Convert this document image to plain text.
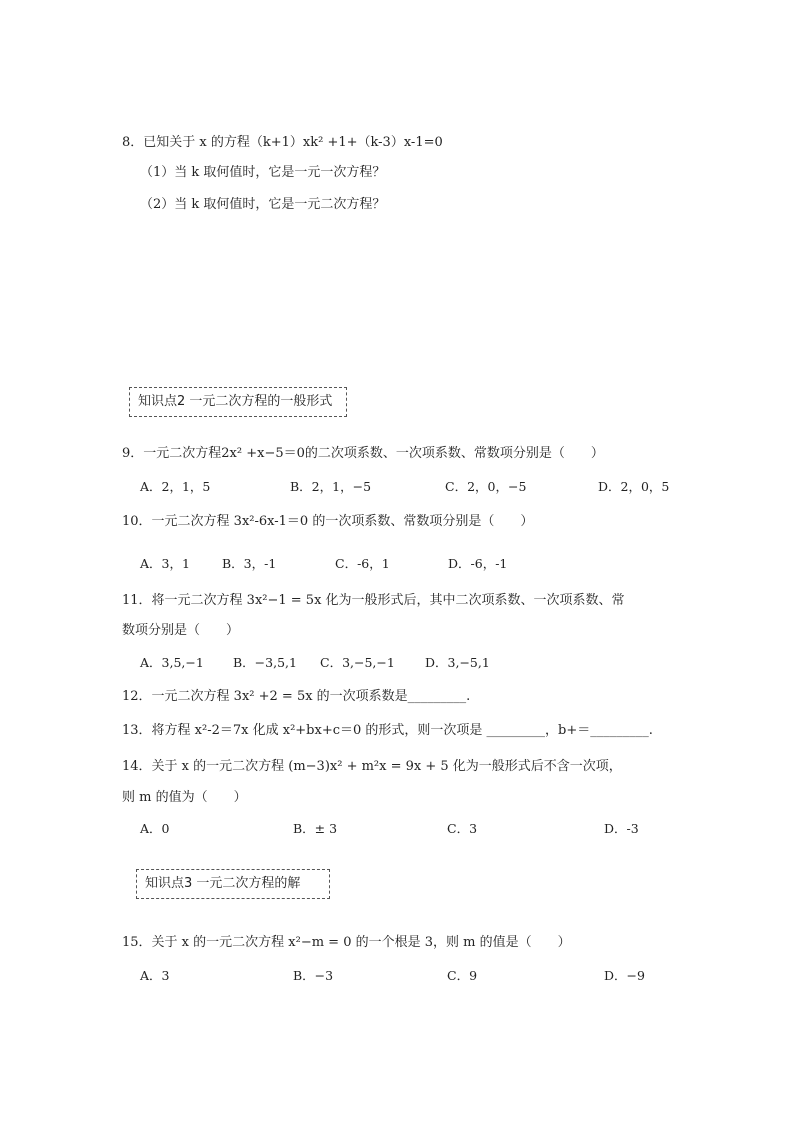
8．已知关于 x 的方程（k+1）xk² +1+（k-3）x-1=0
（1）当 k 取何值时，它是一元一次方程？
（2）当 k 取何值时，它是一元二次方程？
知识点2 一元二次方程的一般形式
9．一元二次方程2x² +x−5＝0的二次项系数、一次项系数、常数项分别是（　　）
A．2，1，5	B．2，1，−5	C．2，0，−5	D．2，0，5
10．一元二次方程 3x²-6x-1＝0 的一次项系数、常数项分别是（　　）
A．3，1	B．3，-1	C．-6，1	D．-6，-1
11．将一元二次方程 3x²−1 = 5x 化为一般形式后，其中二次项系数、一次项系数、常
数项分别是（　　）
A．3,5,−1 B．−3,5,1 C．3,−5,−1 D．3,−5,1
12．一元二次方程 3x² +2 = 5x 的一次项系数是_________.
13．将方程 x²-2＝7x 化成 x²+bx+c＝0 的形式，则一次项是 _________，b+＝_________.
14．关于 x 的一元二次方程 (m−3)x² + m²x = 9x + 5 化为一般形式后不含一次项，
则 m 的值为（　　）
A．0	B．± 3	C．3	D．-3
知识点3 一元二次方程的解
15．关于 x 的一元二次方程 x²−m = 0 的一个根是 3，则 m 的值是（　　）
A．3	B．−3	C．9	D．−9
